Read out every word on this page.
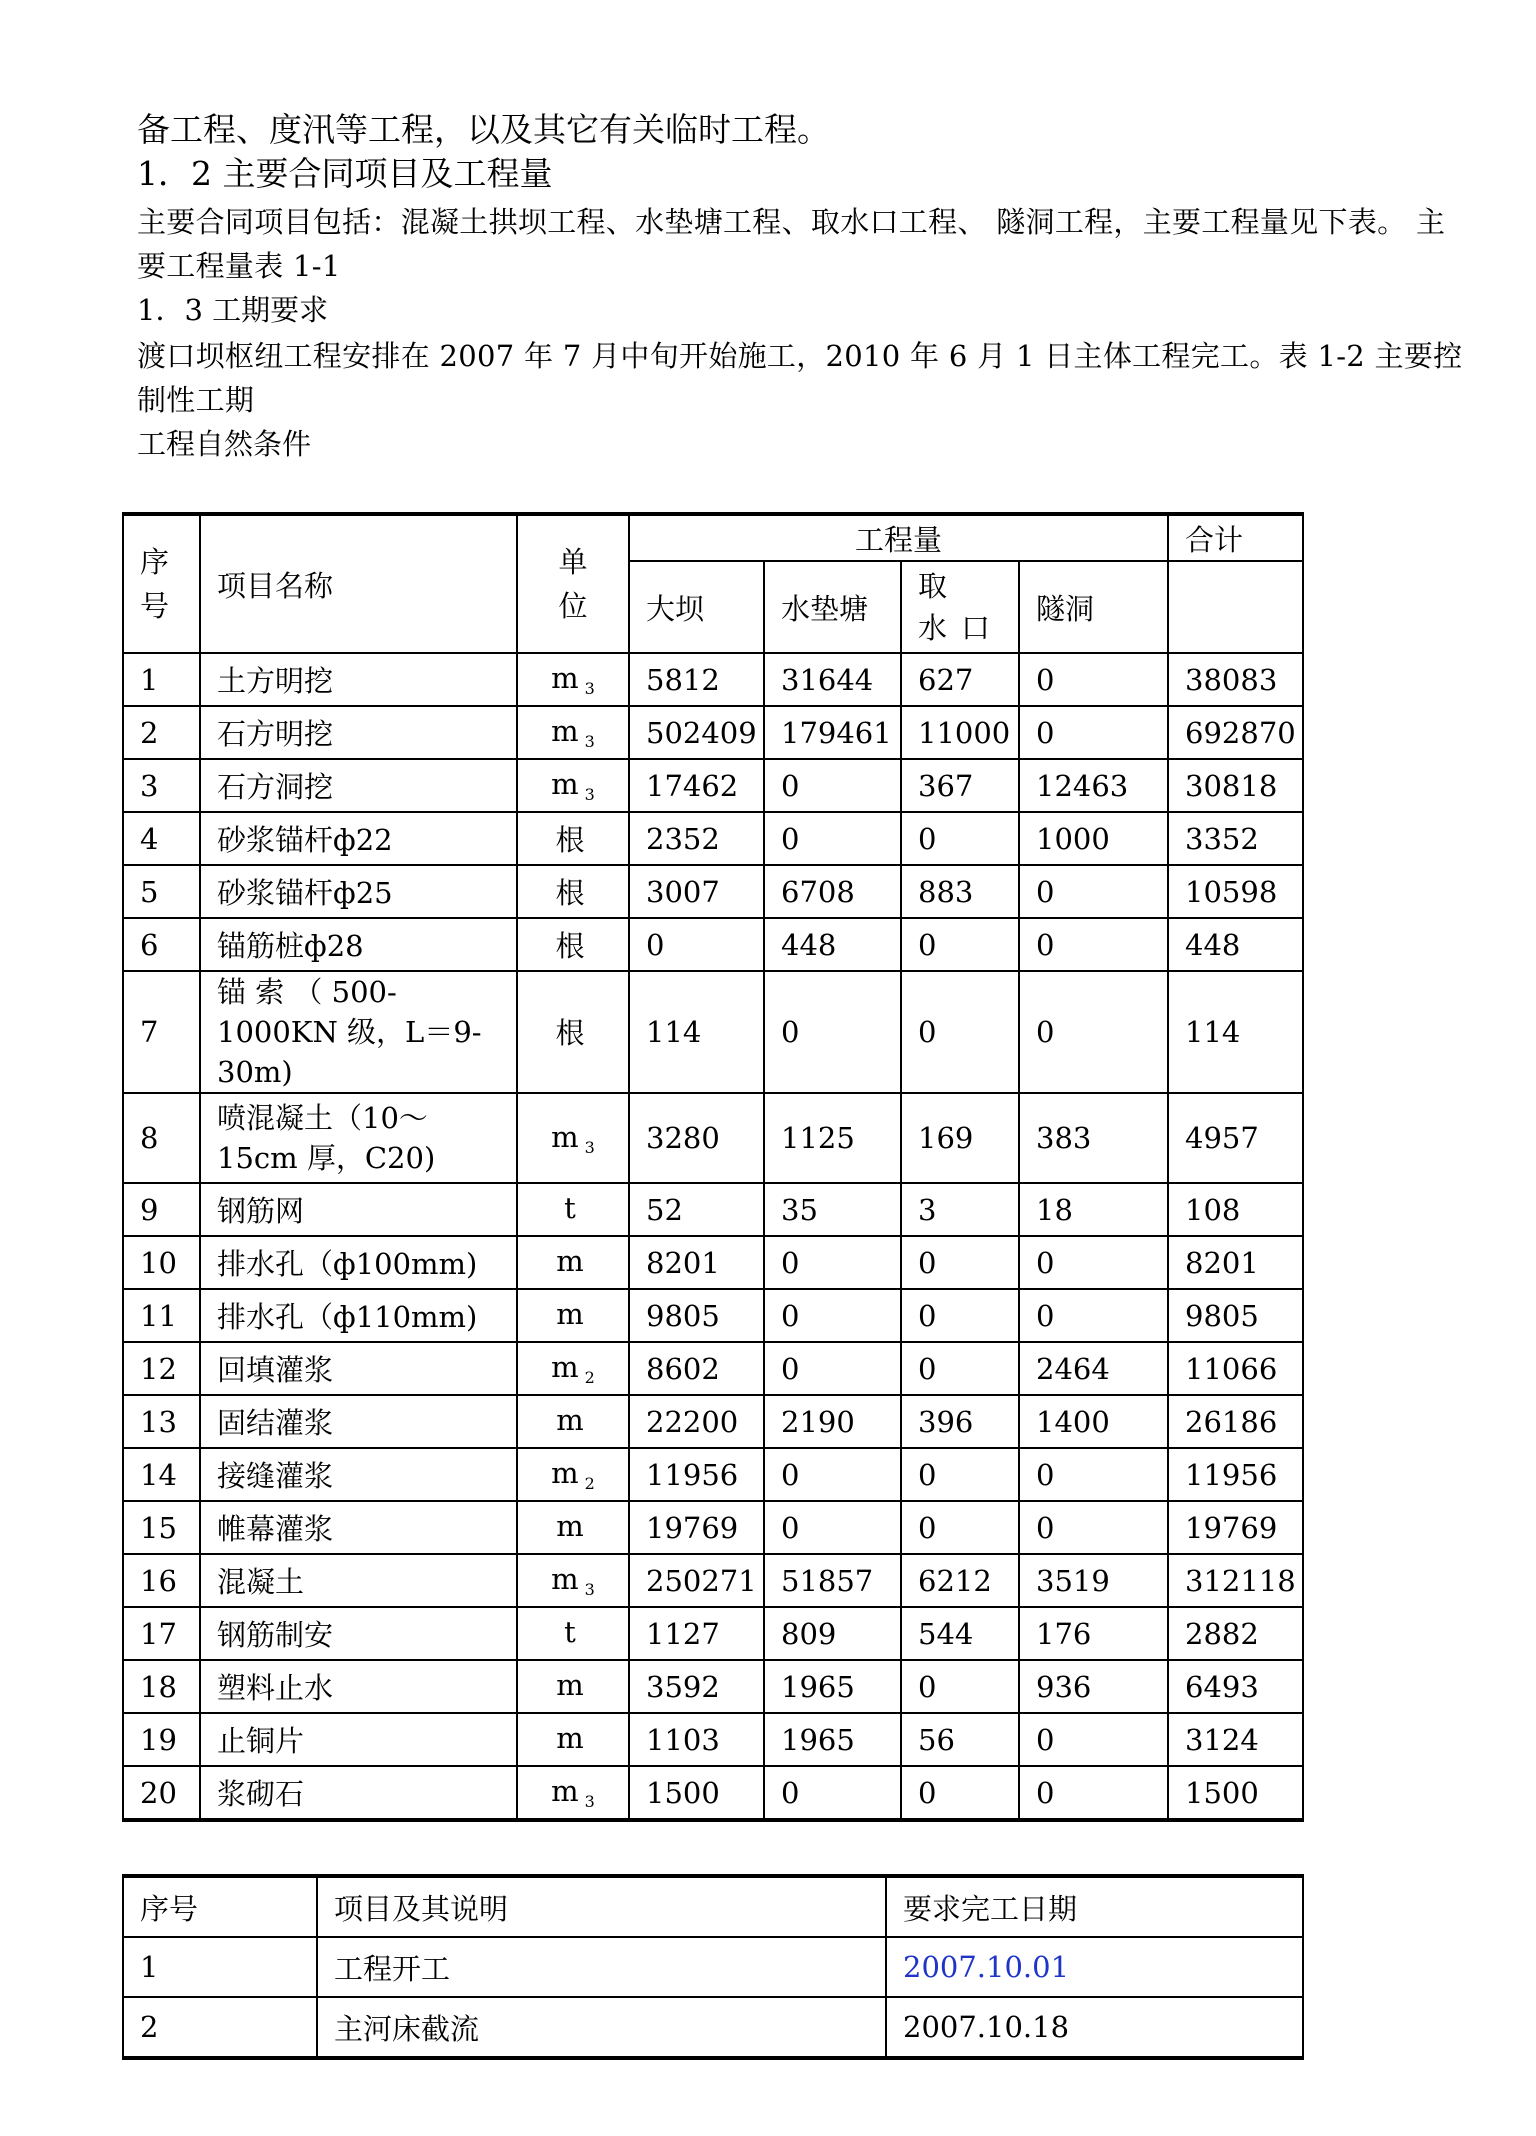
备工程、度汛等工程，以及其它有关临时工程。
1．2 主要合同项目及工程量
主要合同项目包括：混凝土拱坝工程、水垫塘工程、取水口工程、 隧洞工程，主要工程量见下表。 主要工程量表 1-1
1．3 工期要求
渡口坝枢纽工程安排在 2007 年 7 月中旬开始施工，2010 年 6 月 1 日主体工程完工。表 1-2 主要控制性工期
工程自然条件
序号	项目名称	单位	工程量				合计
			大坝	水垫塘	取 水口	隧洞	
1	土方明挖	m $_3$	5812	31644	627	0	38083
2	石方明挖	m $_3$	502409	179461	11000	0	692870
3	石方洞挖	m $_3$	17462	0	367	12463	30818
4	砂浆锚杆ф22	根	2352	0	0	1000	3352
5	砂浆锚杆ф25	根	3007	6708	883	0	10598
6	锚筋桩ф28	根	0	448	0	0	448
7	锚 索 （ 500-1000KN 级，L＝9-30m)	根	114	0	0	0	114
8	喷混凝土（10～15cm 厚，C20)	m $_3$	3280	1125	169	383	4957
9	钢筋网	t	52	35	3	18	108
10	排水孔（ф100mm)	m	8201	0	0	0	8201
11	排水孔（ф110mm)	m	9805	0	0	0	9805
12	回填灌浆	m $_2$	8602	0	0	2464	11066
13	固结灌浆	m	22200	2190	396	1400	26186
14	接缝灌浆	m $_2$	11956	0	0	0	11956
15	帷幕灌浆	m	19769	0	0	0	19769
16	混凝土	m $_3$	250271	51857	6212	3519	312118
17	钢筋制安	t	1127	809	544	176	2882
18	塑料止水	m	3592	1965	0	936	6493
19	止铜片	m	1103	1965	56	0	3124
20	浆砌石	m $_3$	1500	0	0	0	1500
序号	项目及其说明	要求完工日期
1	工程开工	2007.10.01
2	主河床截流	2007.10.18
